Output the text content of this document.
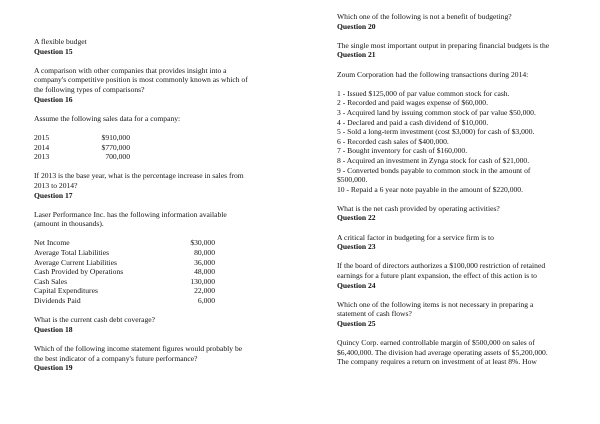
A flexible budget

Question 15

A comparison with other companies that provides insight into a

company's competitive position is most commonly known as which of

the following types of comparisons?

Question 16

Assume the following sales data for a company:

2015	$910,000
2014	$770,000
2013	700,000

If 2013 is the base year, what is the percentage increase in sales from

2013 to 2014?

Question 17

Laser Performance Inc. has the following information available

(amount in thousands).

Net Income	$30,000
Average Total Liabilities	80,000
Average Current Liabilities	36,000
Cash Provided by Operations	48,000
Cash Sales	130,000
Capital Expenditures	22,000
Dividends Paid	6,000

What is the current cash debt coverage?

Question 18

Which of the following income statement figures would probably be

the best indicator of a company's future performance?

Question 19

Which one of the following is not a benefit of budgeting?

Question 20

The single most important output in preparing financial budgets is the

Question 21

Zoum Corporation had the following transactions during 2014:

1 - Issued $125,000 of par value common stock for cash.

2 - Recorded and paid wages expense of $60,000.

3 - Acquired land by issuing common stock of par value $50,000.

4 - Declared and paid a cash dividend of $10,000.

5 - Sold a long-term investment (cost $3,000) for cash of $3,000.

6 - Recorded cash sales of $400,000.

7 - Bought inventory for cash of $160,000.

8 - Acquired an investment in Zynga stock for cash of $21,000.

9 - Converted bonds payable to common stock in the amount of

$500,000.

10 - Repaid a 6 year note payable in the amount of $220,000.

What is the net cash provided by operating activities?

Question 22

A critical factor in budgeting for a service firm is to

Question 23

If the board of directors authorizes a $100,000 restriction of retained

earnings for a future plant expansion, the effect of this action is to

Question 24

Which one of the following items is not necessary in preparing a

statement of cash flows?

Question 25

Quincy Corp. earned controllable margin of $500,000 on sales of

$6,400,000. The division had average operating assets of $5,200,000.

The company requires a return on investment of at least 8%. How
